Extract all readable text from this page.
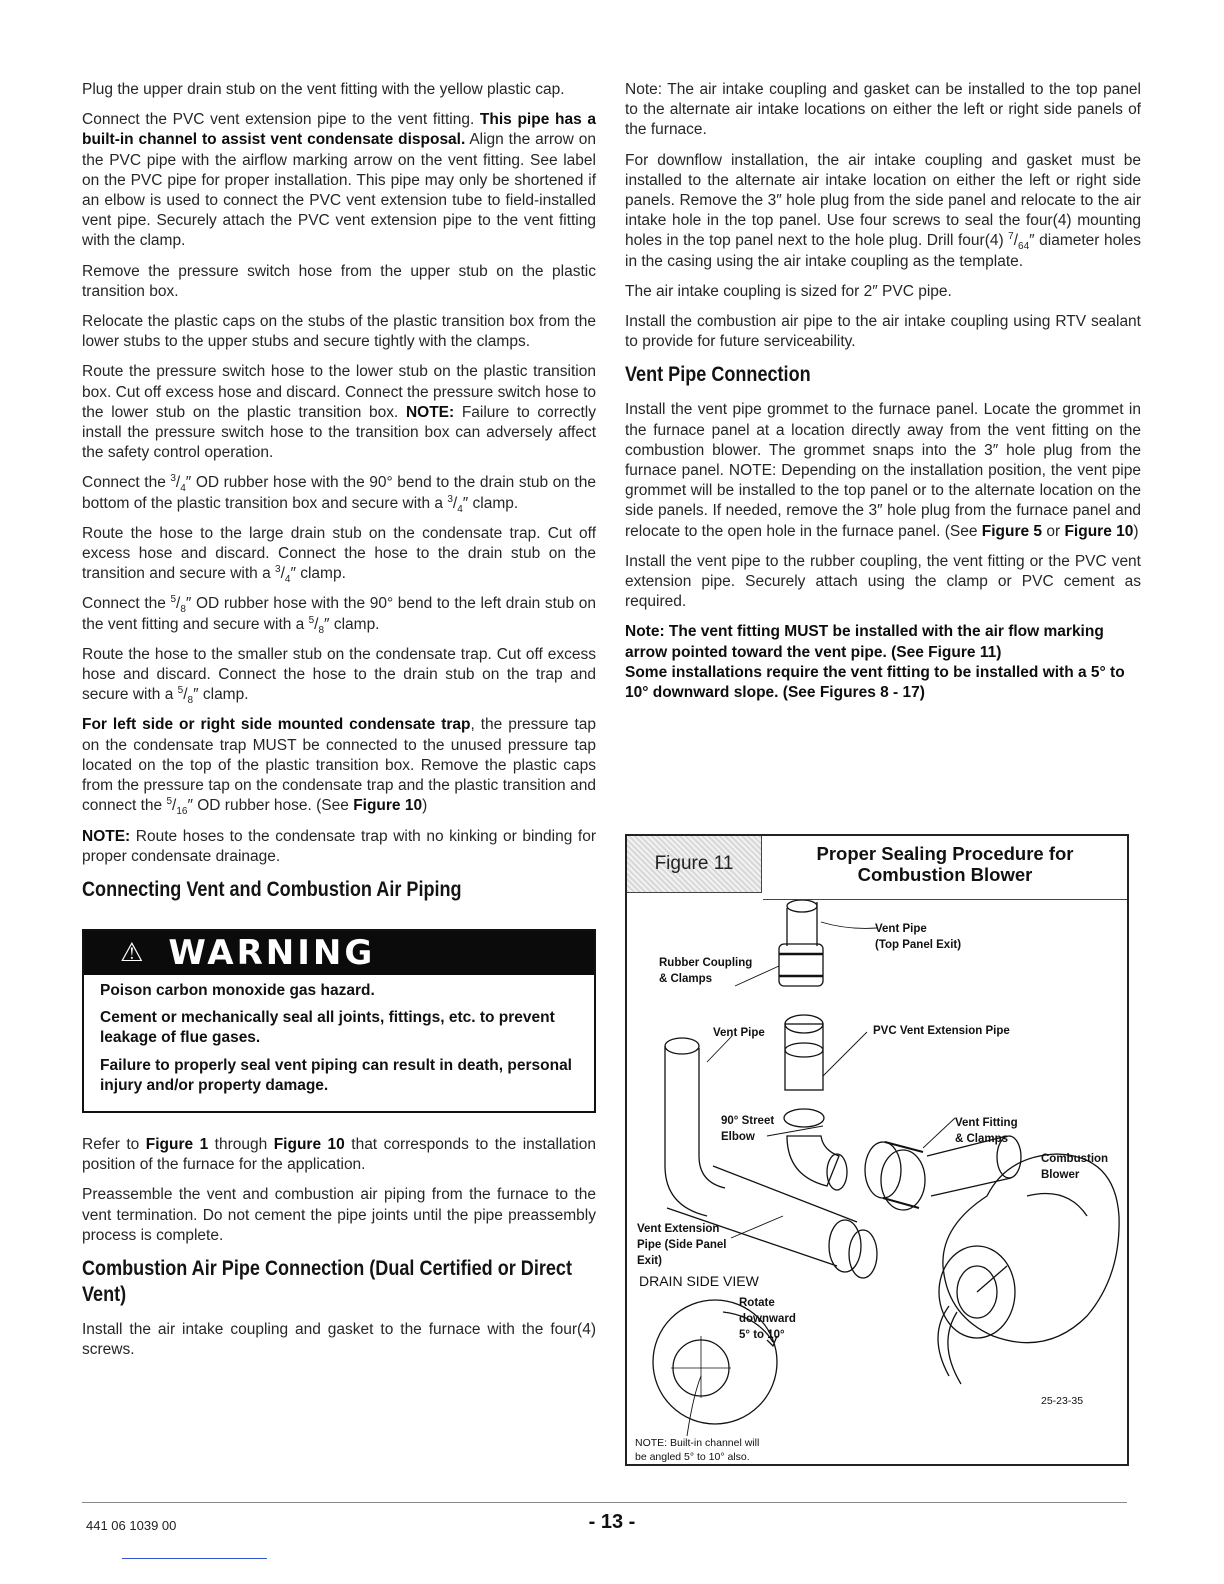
Plug the upper drain stub on the vent fitting with the yellow plastic cap.

Connect the PVC vent extension pipe to the vent fitting. This pipe has a built-in channel to assist vent condensate disposal. Align the arrow on the PVC pipe with the airflow marking arrow on the vent fitting. See label on the PVC pipe for proper installation. This pipe may only be shortened if an elbow is used to connect the PVC vent extension tube to field-installed vent pipe. Securely attach the PVC vent extension pipe to the vent fitting with the clamp.

Remove the pressure switch hose from the upper stub on the plastic transition box.

Relocate the plastic caps on the stubs of the plastic transition box from the lower stubs to the upper stubs and secure tightly with the clamps.

Route the pressure switch hose to the lower stub on the plastic transition box. Cut off excess hose and discard. Connect the pressure switch hose to the lower stub on the plastic transition box. NOTE: Failure to correctly install the pressure switch hose to the transition box can adversely affect the safety control operation.

Connect the $^3/_4''$ OD rubber hose with the 90° bend to the drain stub on the bottom of the plastic transition box and secure with a $^3/_4''$ clamp.

Route the hose to the large drain stub on the condensate trap. Cut off excess hose and discard. Connect the hose to the drain stub on the transition and secure with a $^3/_4''$ clamp.

Connect the $^5/_8''$ OD rubber hose with the 90° bend to the left drain stub on the vent fitting and secure with a $^5/_8''$ clamp.

Route the hose to the smaller stub on the condensate trap. Cut off excess hose and discard. Connect the hose to the drain stub on the trap and secure with a $^5/_8''$ clamp.

For left side or right side mounted condensate trap, the pressure tap on the condensate trap MUST be connected to the unused pressure tap located on the top of the plastic transition box. Remove the plastic caps from the pressure tap on the condensate trap and the plastic transition and connect the $^5/_{16}''$ OD rubber hose. (See Figure 10)

NOTE: Route hoses to the condensate trap with no kinking or binding for proper condensate drainage.

Connecting Vent and Combustion Air Piping
⚠ WARNING

Poison carbon monoxide gas hazard.

Cement or mechanically seal all joints, fittings, etc. to prevent leakage of flue gases.

Failure to properly seal vent piping can result in death, personal injury and/or property damage.

Refer to Figure 1 through Figure 10 that corresponds to the installation position of the furnace for the application.

Preassemble the vent and combustion air piping from the furnace to the vent termination. Do not cement the pipe joints until the pipe preassembly process is complete.

Combustion Air Pipe Connection (Dual Certified or Direct Vent)

Install the air intake coupling and gasket to the furnace with the four(4) screws.

Note: The air intake coupling and gasket can be installed to the top panel to the alternate air intake locations on either the left or right side panels of the furnace.

For downflow installation, the air intake coupling and gasket must be installed to the alternate air intake location on either the left or right side panels. Remove the 3″ hole plug from the side panel and relocate to the air intake hole in the top panel. Use four screws to seal the four(4) mounting holes in the top panel next to the hole plug. Drill four(4) $^7/_{64}''$ diameter holes in the casing using the air intake coupling as the template.

The air intake coupling is sized for 2″ PVC pipe.

Install the combustion air pipe to the air intake coupling using RTV sealant to provide for future serviceability.

Vent Pipe Connection

Install the vent pipe grommet to the furnace panel. Locate the grommet in the furnace panel at a location directly away from the vent fitting on the combustion blower. The grommet snaps into the 3″ hole plug from the furnace panel. NOTE: Depending on the installation position, the vent pipe grommet will be installed to the top panel or to the alternate location on the side panels. If needed, remove the 3″ hole plug from the furnace panel and relocate to the open hole in the furnace panel. (See Figure 5 or Figure 10)

Install the vent pipe to the rubber coupling, the vent fitting or the PVC vent extension pipe. Securely attach using the clamp or PVC cement as required.

Note: The vent fitting MUST be installed with the air flow marking arrow pointed toward the vent pipe. (See Figure 11)

Some installations require the vent fitting to be installed with a 5° to 10° downward slope. (See Figures 8 - 17)

Vent Pipe
(Top Panel Exit)
Rubber Coupling
& Clamps
Vent Pipe	PVC Vent Extension Pipe
90° Street
Elbow
Vent Fitting
& Clamps
Combustion
Blower
Vent Extension
Pipe (Side Panel
Exit)
DRAIN SIDE VIEW
Rotate
downward
5° to 10°
25-23-35
NOTE: Built-in channel will
be angled 5° to 10° also.
Figure 11	Proper Sealing Procedure for
Combustion Blower
441 06 1039 00	- 13 -
